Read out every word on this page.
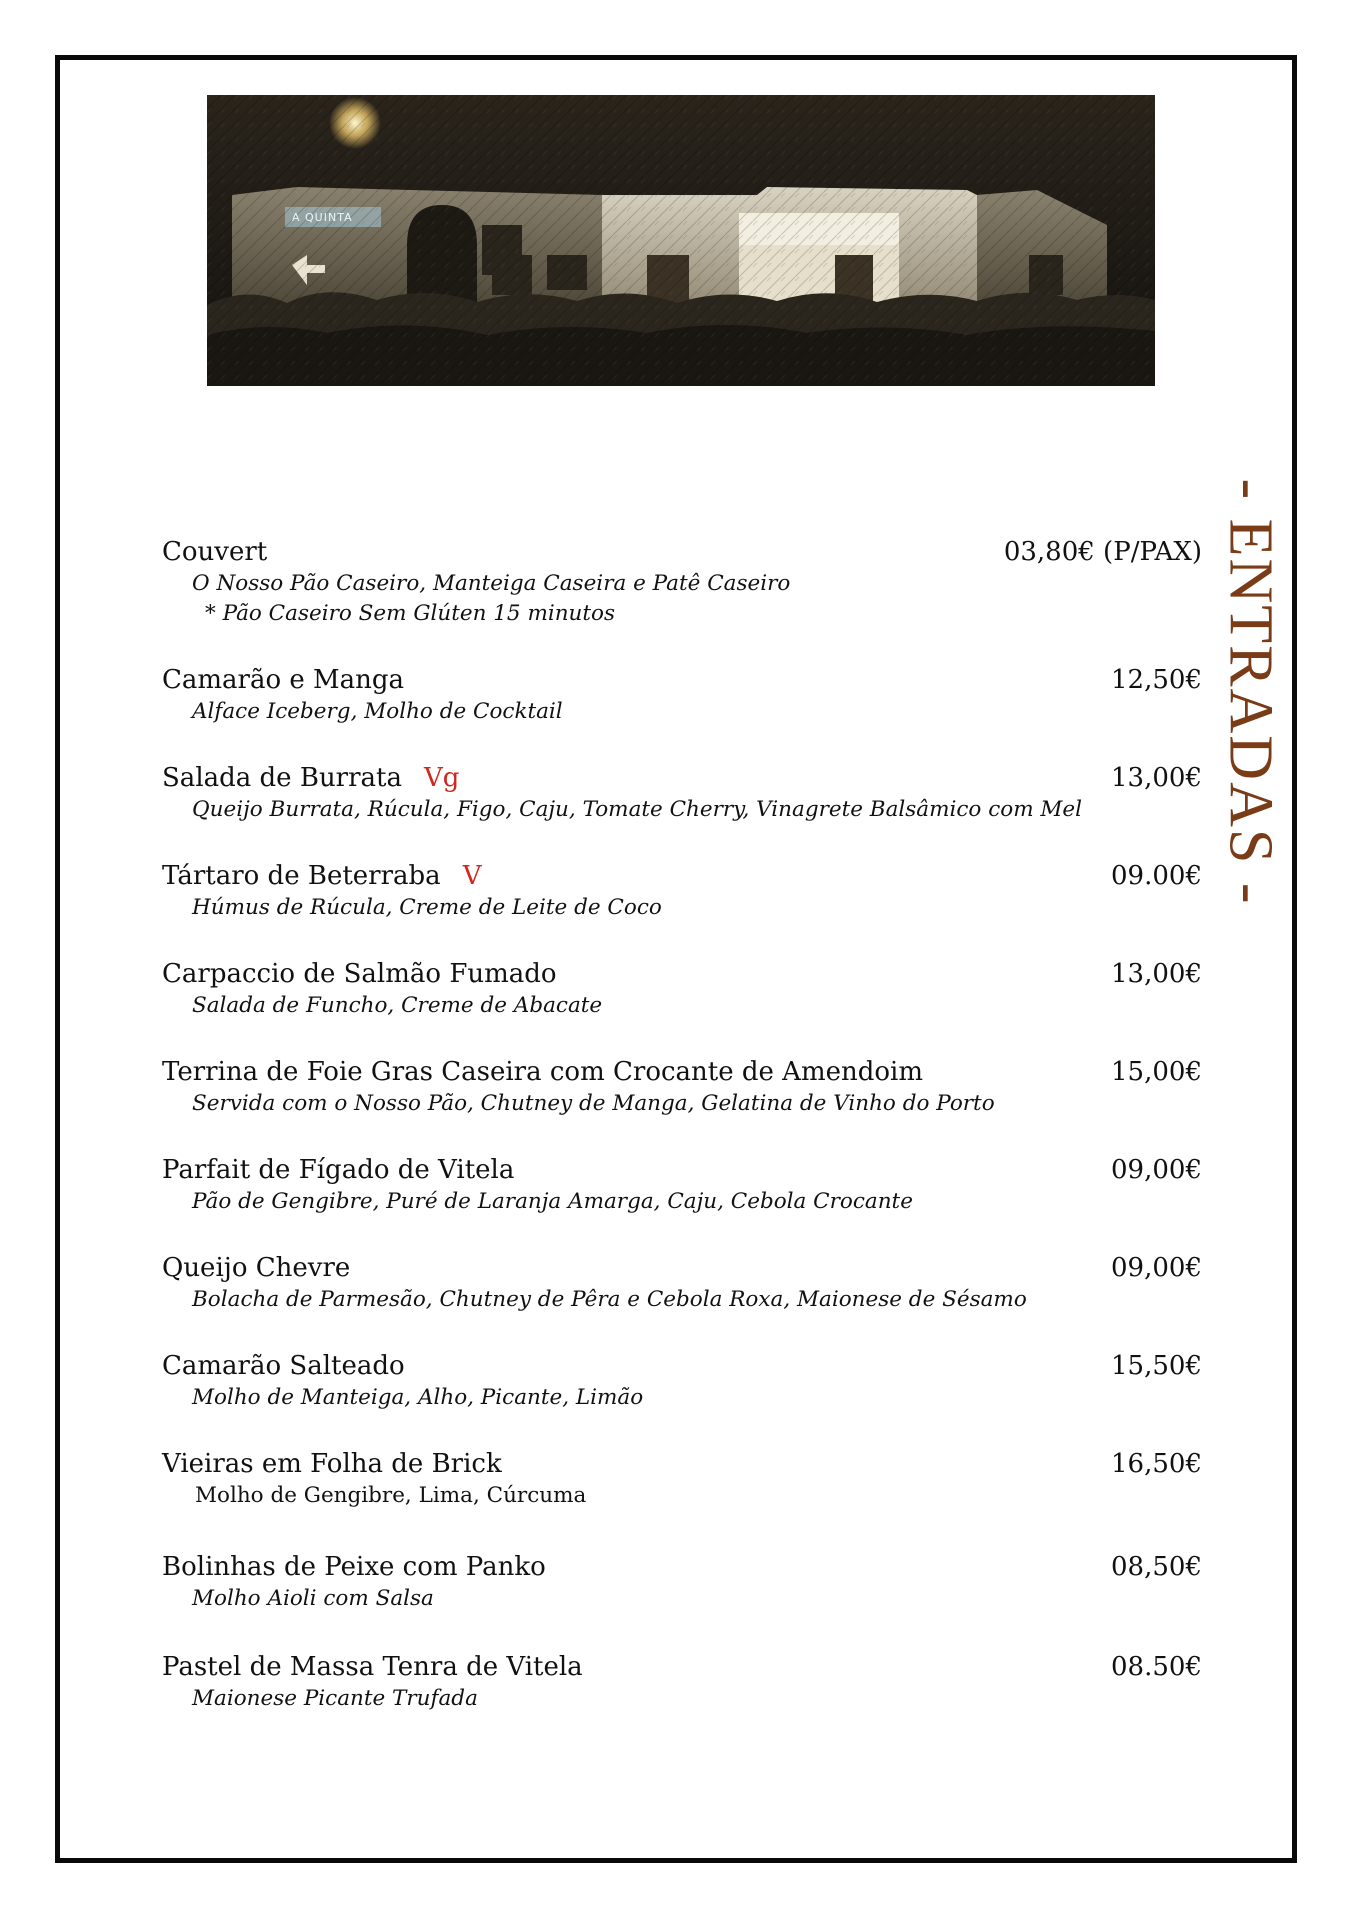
A QUINTA
- ENTRADAS -
Couvert	03,80€ (P/PAX)
O Nosso Pão Caseiro, Manteiga Caseira e Patê Caseiro
* Pão Caseiro Sem Glúten 15 minutos
Camarão e Manga	12,50€
Alface Iceberg, Molho de Cocktail
Salada de Burrata Vg	13,00€
Queijo Burrata, Rúcula, Figo, Caju, Tomate Cherry, Vinagrete Balsâmico com Mel
Tártaro de Beterraba V	09.00€
Húmus de Rúcula, Creme de Leite de Coco
Carpaccio de Salmão Fumado	13,00€
Salada de Funcho, Creme de Abacate
Terrina de Foie Gras Caseira com Crocante de Amendoim	15,00€
Servida com o Nosso Pão, Chutney de Manga, Gelatina de Vinho do Porto
Parfait de Fígado de Vitela	09,00€
Pão de Gengibre, Puré de Laranja Amarga, Caju, Cebola Crocante
Queijo Chevre	09,00€
Bolacha de Parmesão, Chutney de Pêra e Cebola Roxa, Maionese de Sésamo
Camarão Salteado	15,50€
Molho de Manteiga, Alho, Picante, Limão
Vieiras em Folha de Brick	16,50€
Molho de Gengibre, Lima, Cúrcuma
Bolinhas de Peixe com Panko	08,50€
Molho Aioli com Salsa
Pastel de Massa Tenra de Vitela	08.50€
Maionese Picante Trufada
